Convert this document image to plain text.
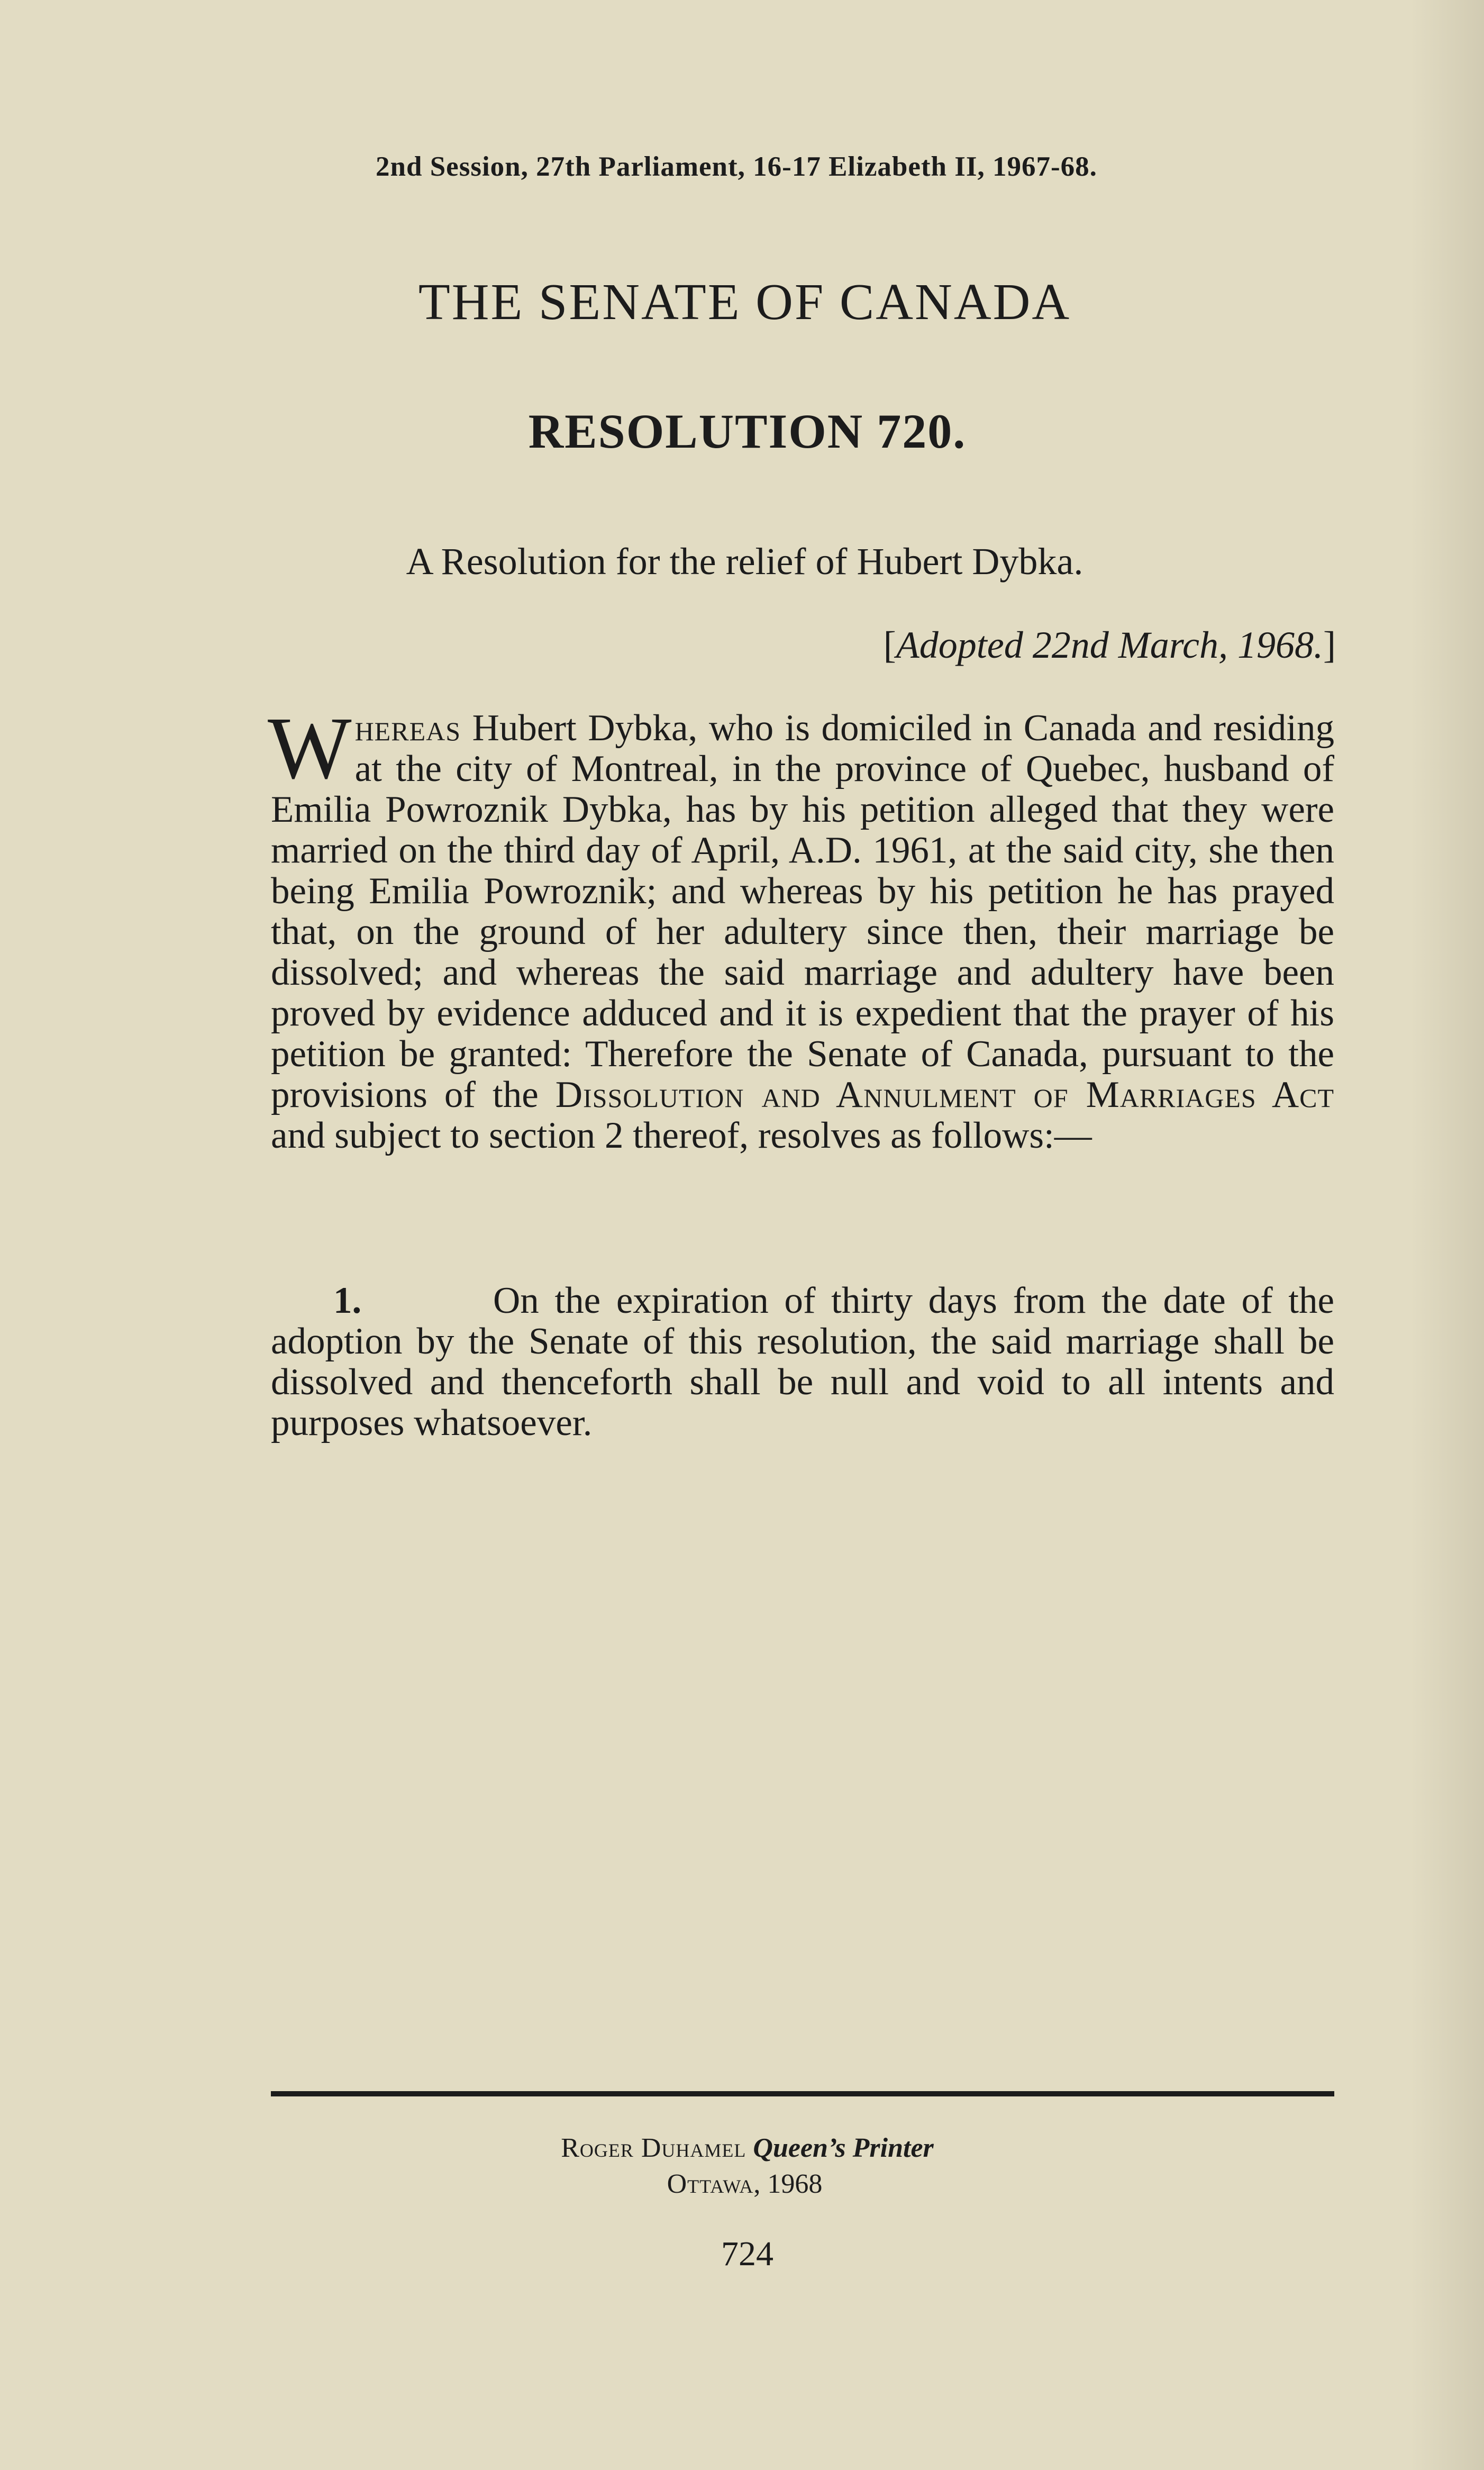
2nd Session, 27th Parliament, 16-17 Elizabeth II, 1967-68.
THE SENATE OF CANADA
RESOLUTION 720.
A Resolution for the relief of Hubert Dybka.
[Adopted 22nd March, 1968.]
Whereas Hubert Dybka, who is domiciled in Canada and residing at the city of Montreal, in the province of Quebec, husband of Emilia Powroznik Dybka, has by his petition alleged that they were married on the third day of April, A.D. 1961, at the said city, she then being Emilia Powroznik; and whereas by his petition he has prayed that, on the ground of her adultery since then, their marriage be dissolved; and whereas the said marriage and adultery have been proved by evidence adduced and it is expedient that the prayer of his petition be granted: Therefore the Senate of Canada, pursuant to the provisions of the Dissolution and Annulment of Marriages Act and subject to section 2 thereof, resolves as follows:—
1.	On the expiration of thirty days from the date of the adoption by the Senate of this resolution, the said marriage shall be dissolved and thenceforth shall be null and void to all intents and purposes whatsoever.
Roger Duhamel Queen’s Printer
Ottawa, 1968
724
